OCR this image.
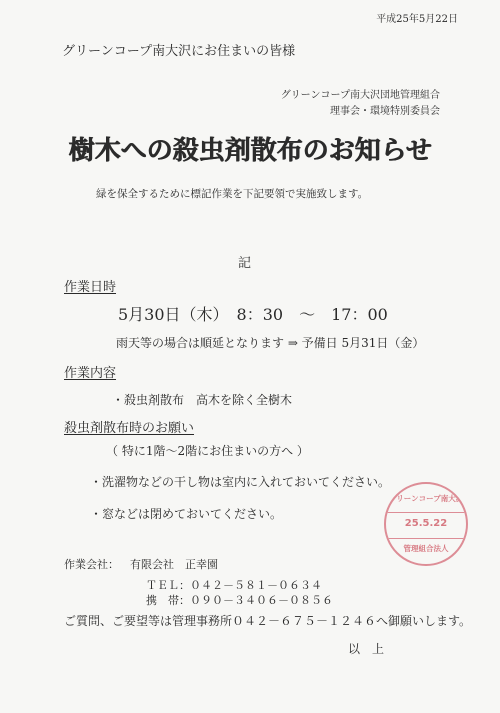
平成25年5月22日
グリーンコープ南大沢にお住まいの皆様
グリーンコープ南大沢団地管理組合
理事会・環境特別委員会
樹木への殺虫剤散布のお知らせ
緑を保全するために標記作業を下記要領で実施致します。
記
作業日時
5月30日（木）　8：30　～　17：00
雨天等の場合は順延となります ⇒ 予備日 5月31日（金）
作業内容
・殺虫剤散布　高木を除く全樹木
殺虫剤散布時のお願い
（ 特に1階～2階にお住まいの方へ ）
・洗濯物などの干し物は室内に入れておいてください。
・窓などは閉めておいてください。
作業会社： 有限会社　正幸園
ＴＥＬ：０４２－５８１－０６３４
携　帯：０９０－３４０６－０８５６
ご質問、ご要望等は管理事務所０４２－６７５－１２４６へ御願いします。
以　上
グリーンコープ南大沢
25.5.22
管理組合法人
